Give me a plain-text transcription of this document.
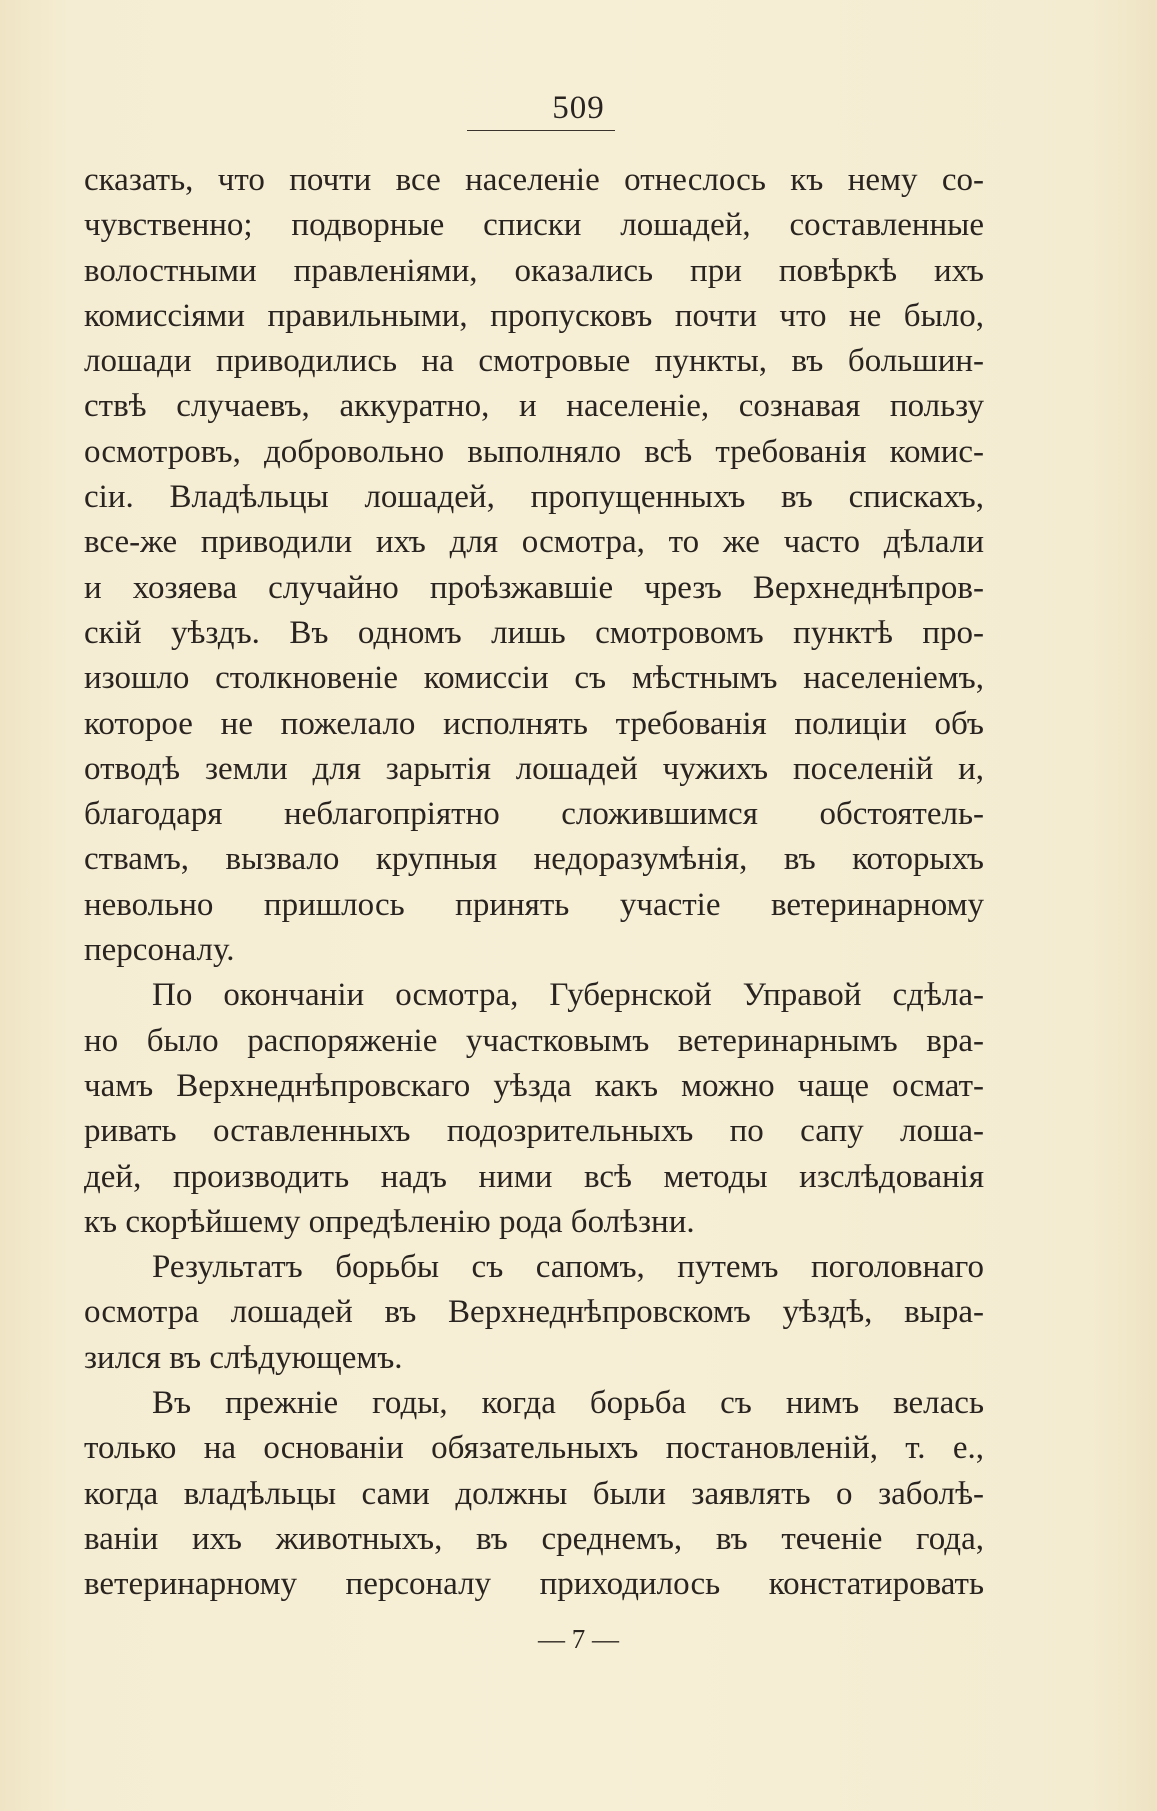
509
сказать, что почти все населеніе отнеслось къ нему со-
чувственно; подворные списки лошадей, составленные
волостными правленіями, оказались при повѣркѣ ихъ
комиссіями правильными, пропусковъ почти что не было,
лошади приводились на смотровые пункты, въ большин-
ствѣ случаевъ, аккуратно, и населеніе, сознавая пользу
осмотровъ, добровольно выполняло всѣ требованія комис-
сіи. Владѣльцы лошадей, пропущенныхъ въ спискахъ,
все-же приводили ихъ для осмотра, то же часто дѣлали
и хозяева случайно проѣзжавшіе чрезъ Верхнеднѣпров-
скій уѣздъ. Въ одномъ лишь смотровомъ пунктѣ про-
изошло столкновеніе комиссіи съ мѣстнымъ населеніемъ,
которое не пожелало исполнять требованія полиціи объ
отводѣ земли для зарытія лошадей чужихъ поселеній и,
благодаря неблагопріятно сложившимся обстоятель-
ствамъ, вызвало крупныя недоразумѣнія, въ которыхъ
невольно пришлось принять участіе ветеринарному
персоналу.
По окончаніи осмотра, Губернской Управой сдѣла-
но было распоряженіе участковымъ ветеринарнымъ вра-
чамъ Верхнеднѣпровскаго уѣзда какъ можно чаще осмат-
ривать оставленныхъ подозрительныхъ по сапу лоша-
дей, производить надъ ними всѣ методы изслѣдованія
къ скорѣйшему опредѣленію рода болѣзни.
Результатъ борьбы съ сапомъ, путемъ поголовнаго
осмотра лошадей въ Верхнеднѣпровскомъ уѣздѣ, выра-
зился въ слѣдующемъ.
Въ прежніе годы, когда борьба съ нимъ велась
только на основаніи обязательныхъ постановленій, т. е.,
когда владѣльцы сами должны были заявлять о заболѣ-
ваніи ихъ животныхъ, въ среднемъ, въ теченіе года,
ветеринарному персоналу приходилось констатировать
— 7 —
